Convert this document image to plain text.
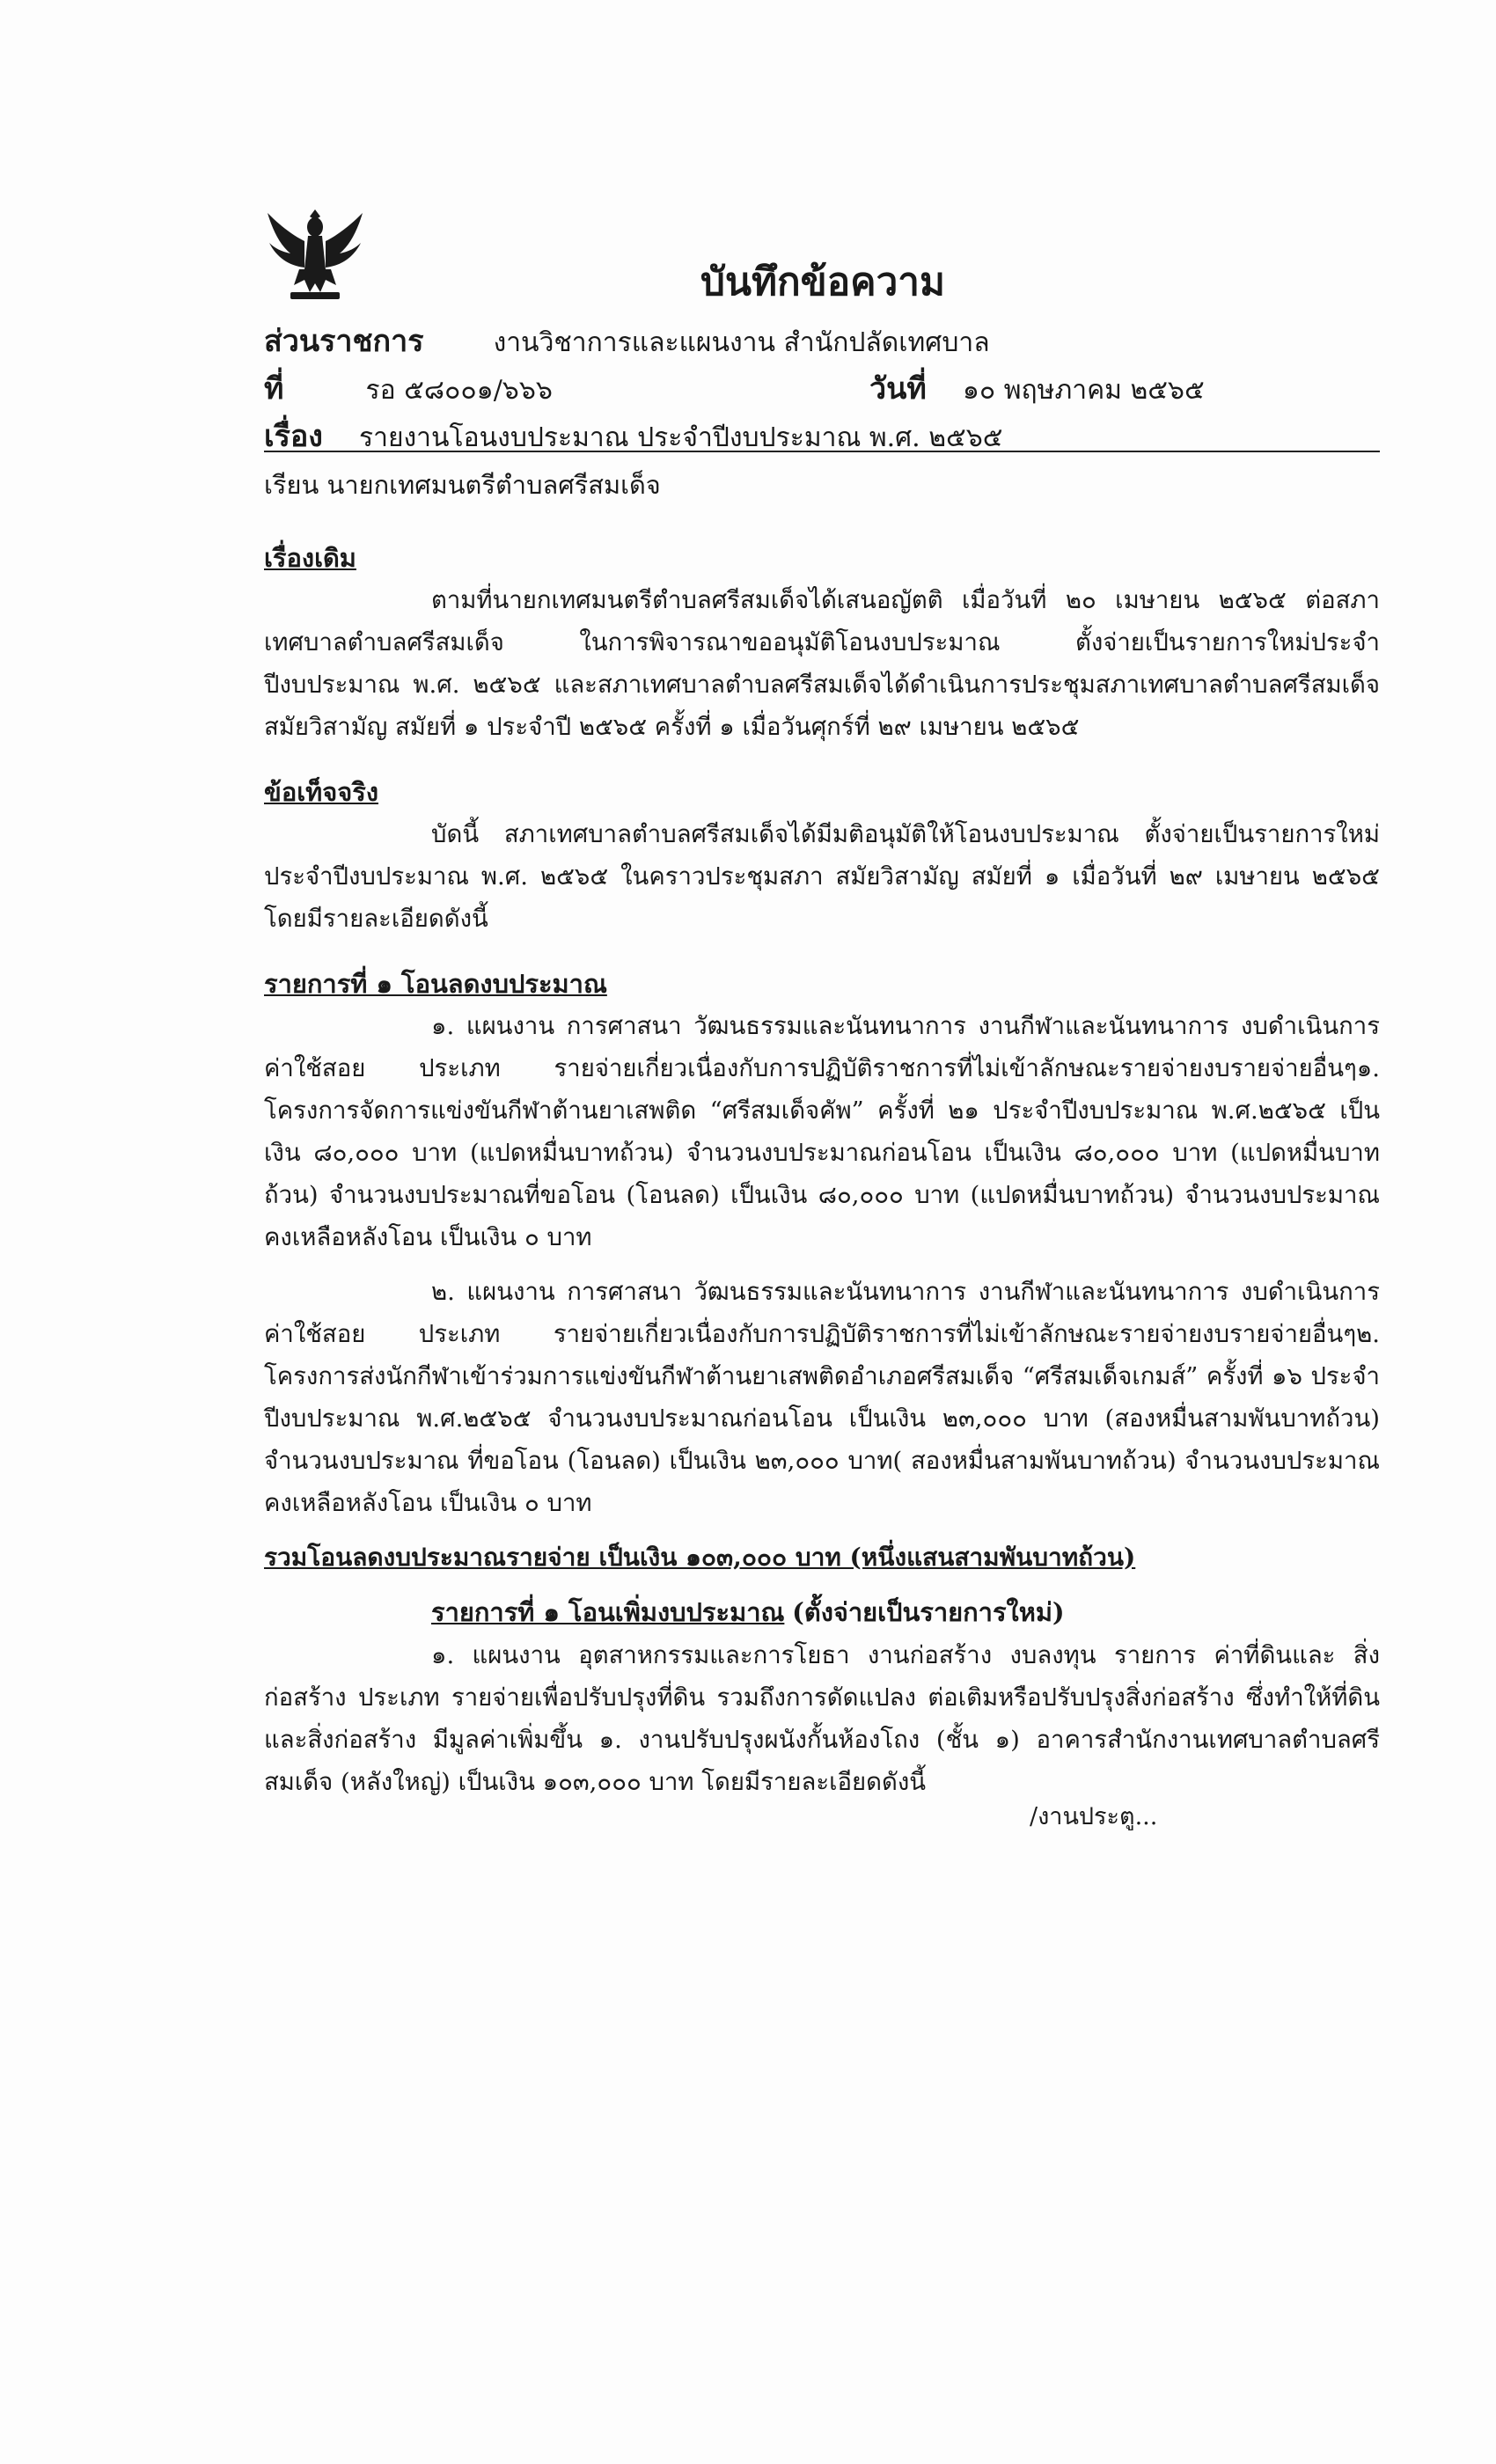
บันทึกข้อความ
ส่วนราชการ	งานวิชาการและแผนงาน สำนักปลัดเทศบาล
ที่	รอ ๕๘๐๐๑/๖๖๖	วันที่ ๑๐ พฤษภาคม ๒๕๖๕
เรื่อง รายงานโอนงบประมาณ ประจำปีงบประมาณ พ.ศ. ๒๕๖๕
เรียน นายกเทศมนตรีตำบลศรีสมเด็จ

เรื่องเดิม

ตามที่นายกเทศมนตรีตำบลศรีสมเด็จได้เสนอญัตติ เมื่อวันที่ ๒๐ เมษายน ๒๕๖๕ ต่อสภาเทศบาลตำบลศรีสมเด็จ ในการพิจารณาขออนุมัติโอนงบประมาณ ตั้งจ่ายเป็นรายการใหม่ประจำปีงบประมาณ พ.ศ. ๒๕๖๕ และสภาเทศบาลตำบลศรีสมเด็จได้ดำเนินการประชุมสภาเทศบาลตำบลศรีสมเด็จ สมัยวิสามัญ สมัยที่ ๑ ประจำปี ๒๕๖๕ ครั้งที่ ๑ เมื่อวันศุกร์ที่ ๒๙ เมษายน ๒๕๖๕

ข้อเท็จจริง

บัดนี้ สภาเทศบาลตำบลศรีสมเด็จได้มีมติอนุมัติให้โอนงบประมาณ ตั้งจ่ายเป็นรายการใหม่ ประจำปีงบประมาณ พ.ศ. ๒๕๖๕ ในคราวประชุมสภา สมัยวิสามัญ สมัยที่ ๑ เมื่อวันที่ ๒๙ เมษายน ๒๕๖๕ โดยมีรายละเอียดดังนี้

รายการที่ ๑ โอนลดงบประมาณ

๑. แผนงาน การศาสนา วัฒนธรรมและนันทนาการ งานกีฬาและนันทนาการ งบดำเนินการ ค่าใช้สอย ประเภท รายจ่ายเกี่ยวเนื่องกับการปฏิบัติราชการที่ไม่เข้าลักษณะรายจ่ายงบรายจ่ายอื่นๆ๑. โครงการจัดการแข่งขันกีฬาต้านยาเสพติด “ศรีสมเด็จคัพ” ครั้งที่ ๒๑ ประจำปีงบประมาณ พ.ศ.๒๕๖๕ เป็นเงิน ๘๐,๐๐๐ บาท (แปดหมื่นบาทถ้วน) จำนวนงบประมาณก่อนโอน เป็นเงิน ๘๐,๐๐๐ บาท (แปดหมื่นบาทถ้วน) จำนวนงบประมาณที่ขอโอน (โอนลด) เป็นเงิน ๘๐,๐๐๐ บาท (แปดหมื่นบาทถ้วน) จำนวนงบประมาณคงเหลือหลังโอน เป็นเงิน ๐ บาท

๒. แผนงาน การศาสนา วัฒนธรรมและนันทนาการ งานกีฬาและนันทนาการ งบดำเนินการ ค่าใช้สอย ประเภท รายจ่ายเกี่ยวเนื่องกับการปฏิบัติราชการที่ไม่เข้าลักษณะรายจ่ายงบรายจ่ายอื่นๆ๒. โครงการส่งนักกีฬาเข้าร่วมการแข่งขันกีฬาต้านยาเสพติดอำเภอศรีสมเด็จ “ศรีสมเด็จเกมส์” ครั้งที่ ๑๖ ประจำปีงบประมาณ พ.ศ.๒๕๖๕ จำนวนงบประมาณก่อนโอน เป็นเงิน ๒๓,๐๐๐ บาท (สองหมื่นสามพันบาทถ้วน) จำนวนงบประมาณ ที่ขอโอน (โอนลด) เป็นเงิน ๒๓,๐๐๐ บาท( สองหมื่นสามพันบาทถ้วน) จำนวนงบประมาณคงเหลือหลังโอน เป็นเงิน ๐ บาท

รวมโอนลดงบประมาณรายจ่าย เป็นเงิน ๑๐๓,๐๐๐ บาท (หนึ่งแสนสามพันบาทถ้วน)

รายการที่ ๑ โอนเพิ่มงบประมาณ (ตั้งจ่ายเป็นรายการใหม่)

๑. แผนงาน อุตสาหกรรมและการโยธา งานก่อสร้าง งบลงทุน รายการ ค่าที่ดินและ สิ่งก่อสร้าง ประเภท รายจ่ายเพื่อปรับปรุงที่ดิน รวมถึงการดัดแปลง ต่อเติมหรือปรับปรุงสิ่งก่อสร้าง ซึ่งทำให้ที่ดิน และสิ่งก่อสร้าง มีมูลค่าเพิ่มขึ้น ๑. งานปรับปรุงผนังกั้นห้องโถง (ชั้น ๑) อาคารสำนักงานเทศบาลตำบลศรีสมเด็จ (หลังใหญ่) เป็นเงิน ๑๐๓,๐๐๐ บาท โดยมีรายละเอียดดังนี้

/งานประตู...
